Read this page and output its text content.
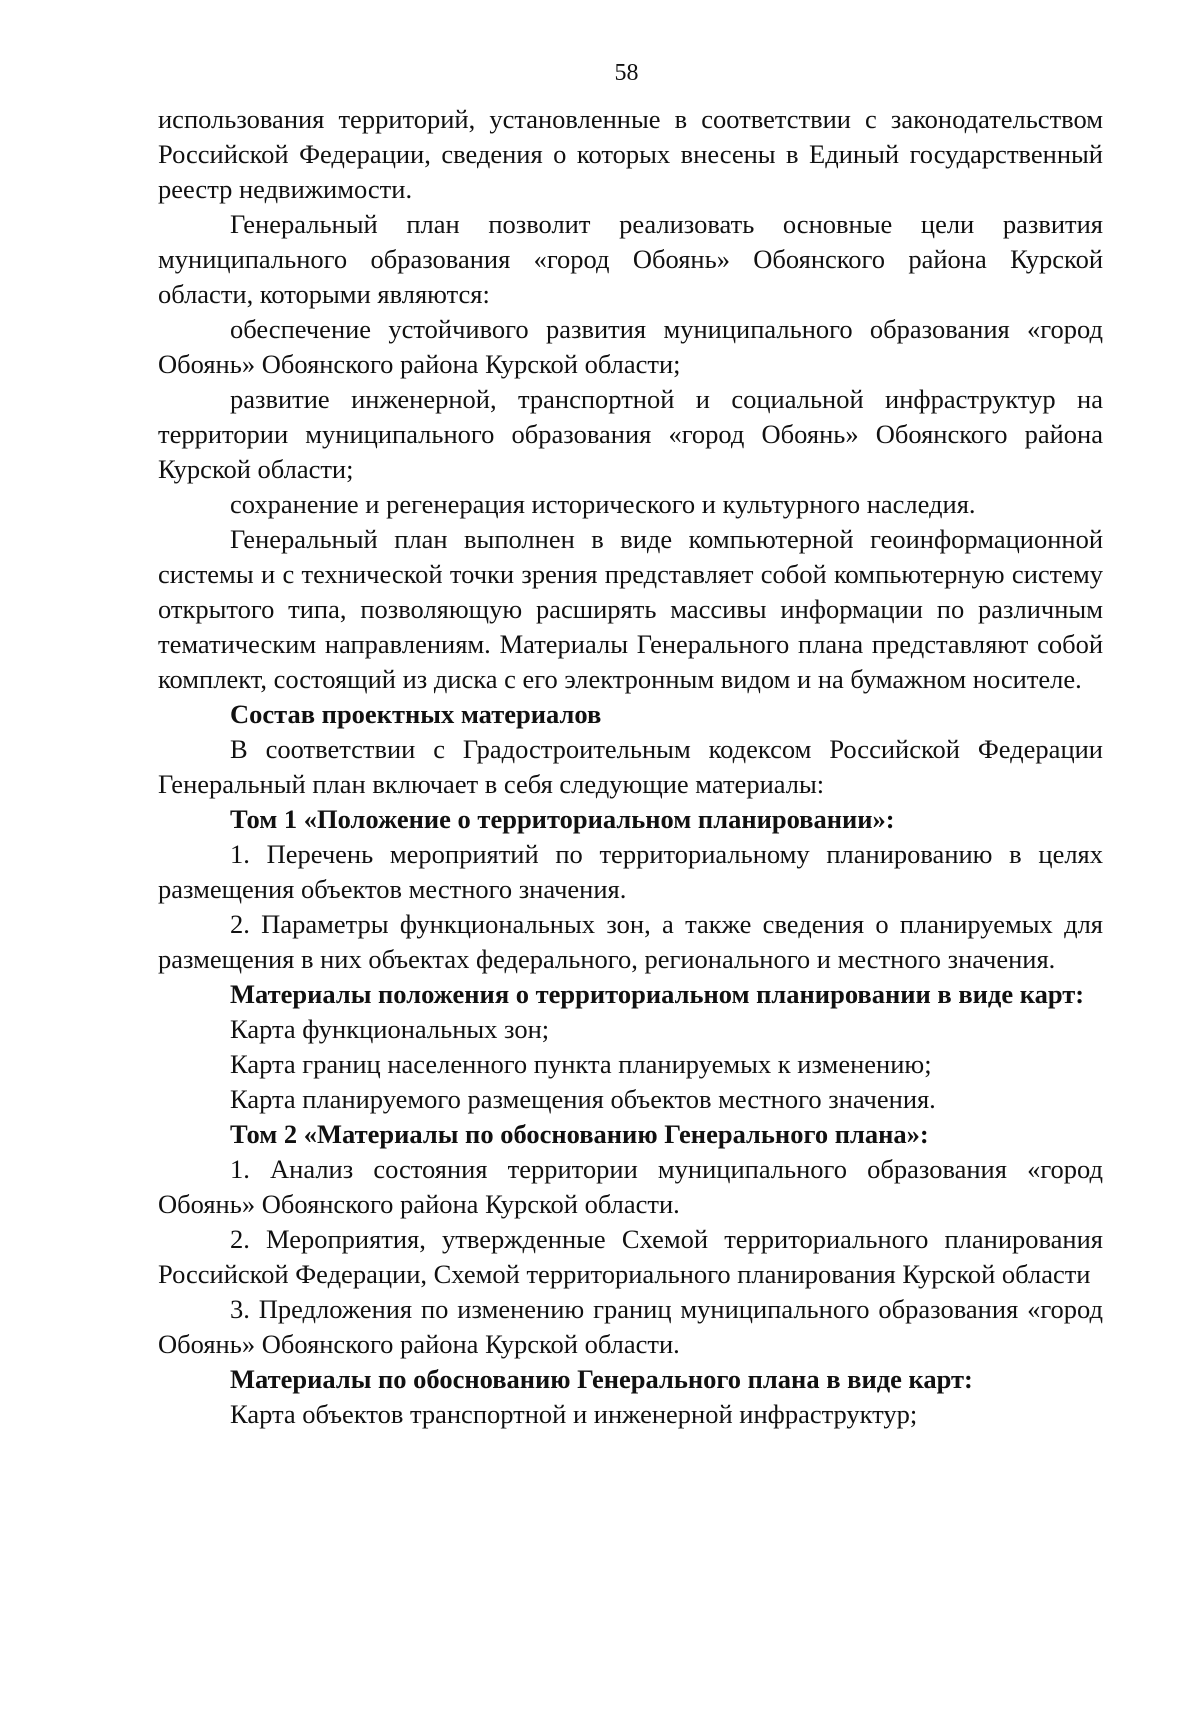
58

использования территорий, установленные в соответствии с законодательством Российской Федерации, сведения о которых внесены в Единый государственный реестр недвижимости.

Генеральный план позволит реализовать основные цели развития муниципального образования «город Обоянь» Обоянского района Курской области, которыми являются:

обеспечение устойчивого развития муниципального образования «город Обоянь» Обоянского района Курской области;

развитие инженерной, транспортной и социальной инфраструктур на территории муниципального образования «город Обоянь» Обоянского района Курской области;

сохранение и регенерация исторического и культурного наследия.

Генеральный план выполнен в виде компьютерной геоинформационной системы и с технической точки зрения представляет собой компьютерную систему открытого типа, позволяющую расширять массивы информации по различным тематическим направлениям. Материалы Генерального плана представляют собой комплект, состоящий из диска с его электронным видом и на бумажном носителе.

Состав проектных материалов

В соответствии с Градостроительным кодексом Российской Федерации Генеральный план включает в себя следующие материалы:

Том 1 «Положение о территориальном планировании»:

1. Перечень мероприятий по территориальному планированию в целях размещения объектов местного значения.

2. Параметры функциональных зон, а также сведения о планируемых для размещения в них объектах федерального, регионального и местного значения.

Материалы положения о территориальном планировании в виде карт:

Карта функциональных зон;

Карта границ населенного пункта планируемых к изменению;

Карта планируемого размещения объектов местного значения.

Том 2 «Материалы по обоснованию Генерального плана»:

1. Анализ состояния территории муниципального образования «город Обоянь» Обоянского района Курской области.

2. Мероприятия, утвержденные Схемой территориального планирования Российской Федерации, Схемой территориального планирования Курской области

3. Предложения по изменению границ муниципального образования «город Обоянь» Обоянского района Курской области.

Материалы по обоснованию Генерального плана в виде карт:

Карта объектов транспортной и инженерной инфраструктур;
